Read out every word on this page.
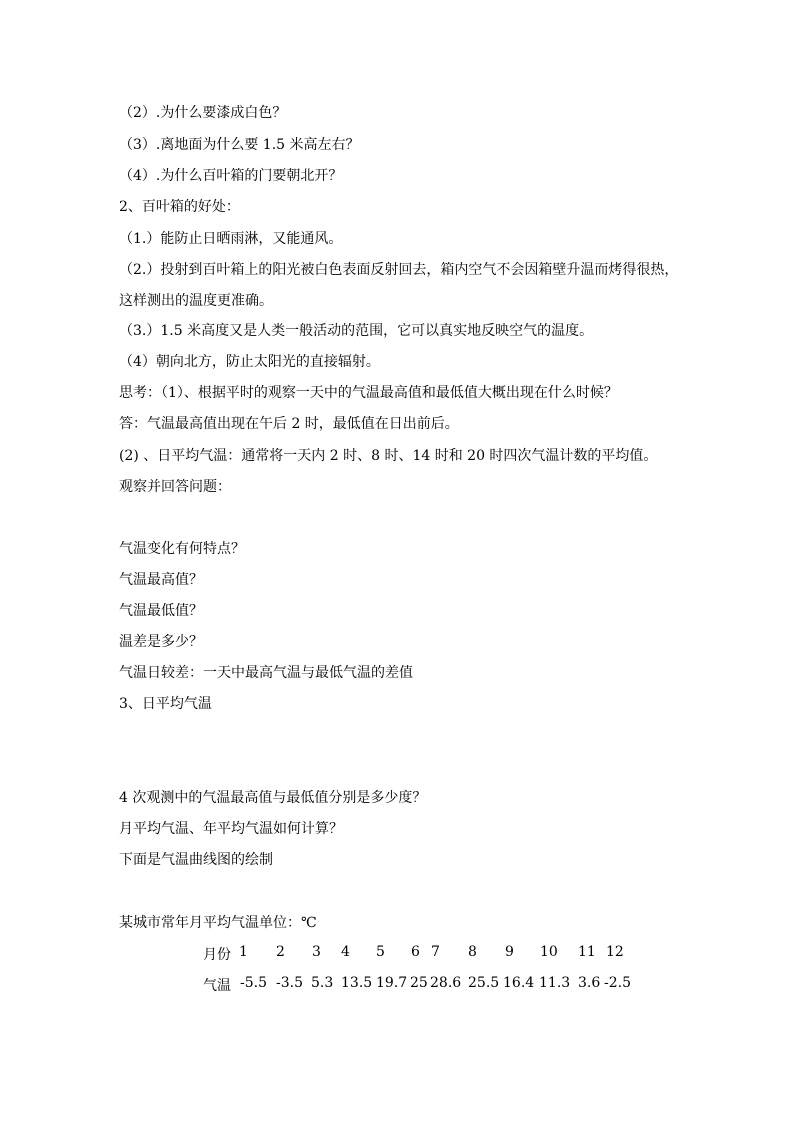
（2）.为什么要漆成白色？
（3）.离地面为什么要 1.5 米高左右？
（4）.为什么百叶箱的门要朝北开？
2、百叶箱的好处：
（1.）能防止日晒雨淋，又能通风。
（2.）投射到百叶箱上的阳光被白色表面反射回去，箱内空气不会因箱壁升温而烤得很热，
这样测出的温度更准确。
（3.）1.5 米高度又是人类一般活动的范围，它可以真实地反映空气的温度。
（4）朝向北方，防止太阳光的直接辐射。
思考：（1）、根据平时的观察一天中的气温最高值和最低值大概出现在什么时候？
答：气温最高值出现在午后 2 时，最低值在日出前后。
(2) 、日平均气温：通常将一天内 2 时、8 时、14 时和 20 时四次气温计数的平均值。
观察并回答问题：
气温变化有何特点？
气温最高值？
气温最低值？
温差是多少？
气温日较差：一天中最高气温与最低气温的差值
3、日平均气温
4 次观测中的气温最高值与最低值分别是多少度？
月平均气温、年平均气温如何计算？
下面是气温曲线图的绘制
某城市常年月平均气温单位：℃
月份 1 2 3 4 5 6 7 8 9 10 11 12
气温 -5.5 -3.5 5.3 13.5 19.7 25 28.6 25.5 16.4 11.3 3.6 -2.5
